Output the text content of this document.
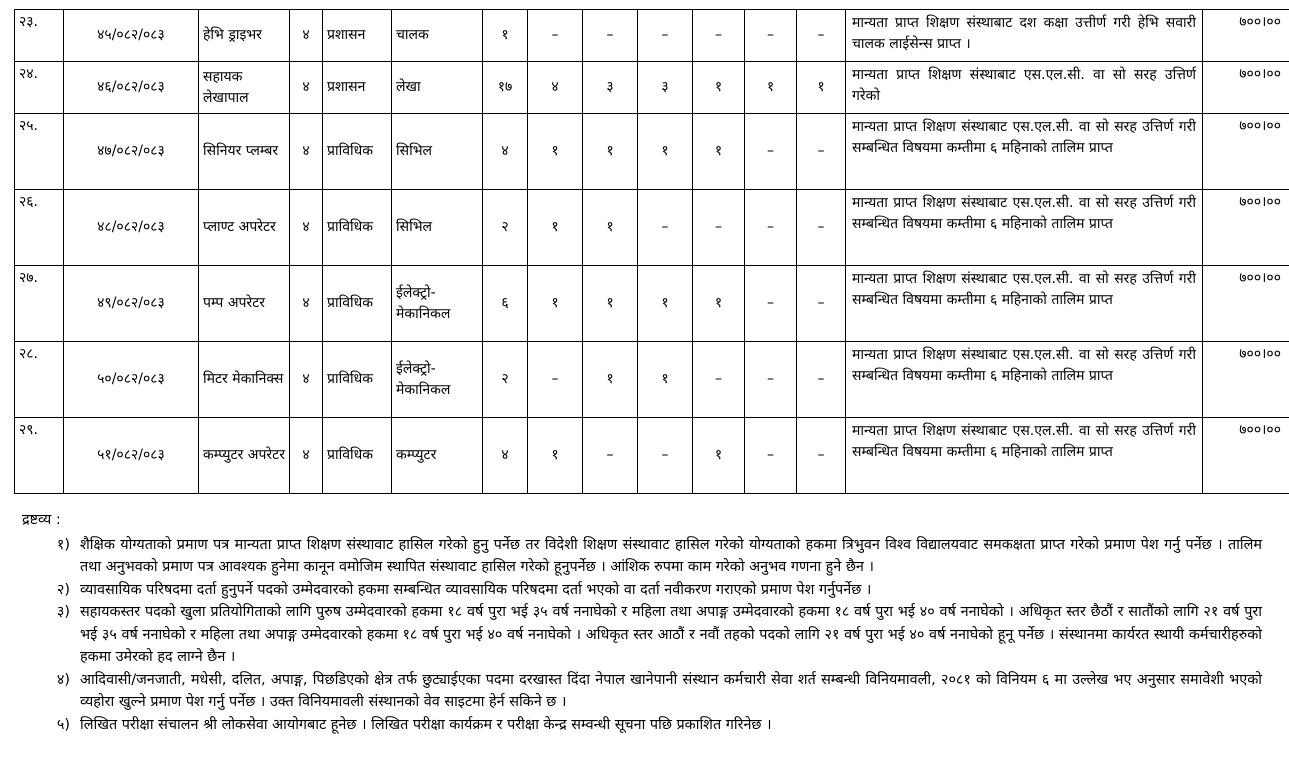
२३.	४५/०८२/०८३	हेभि ड्राइभर	४	प्रशासन	चालक	१	–	–	–	–	–	–	मान्यता प्राप्त शिक्षण संस्थाबाट दश कक्षा उत्तीर्ण गरी हेभि सवारी चालक लाईसेन्स प्राप्त ।	७००।००
२४.	४६/०८२/०८३	सहायक लेखापाल	४	प्रशासन	लेखा	१७	४	३	३	१	१	१	मान्यता प्राप्त शिक्षण संस्थाबाट एस.एल.सी. वा सो सरह उत्तिर्ण गरेको	७००।००
२५.	४७/०८२/०८३	सिनियर प्लम्बर	४	प्राविधिक	सिभिल	४	१	१	१	१	–	–	मान्यता प्राप्त शिक्षण संस्थाबाट एस.एल.सी. वा सो सरह उत्तिर्ण गरी सम्बन्धित विषयमा कम्तीमा ६ महिनाको तालिम प्राप्त	७००।००
२६.	४८/०८२/०८३	प्लाण्ट अपरेटर	४	प्राविधिक	सिभिल	२	१	१	–	–	–	–	मान्यता प्राप्त शिक्षण संस्थाबाट एस.एल.सी. वा सो सरह उत्तिर्ण गरी सम्बन्धित विषयमा कम्तीमा ६ महिनाको तालिम प्राप्त	७००।००
२७.	४९/०८२/०८३	पम्प अपरेटर	४	प्राविधिक	ईलेक्ट्रो-मेकानिकल	६	१	१	१	१	–	–	मान्यता प्राप्त शिक्षण संस्थाबाट एस.एल.सी. वा सो सरह उत्तिर्ण गरी सम्बन्धित विषयमा कम्तीमा ६ महिनाको तालिम प्राप्त	७००।००
२८.	५०/०८२/०८३	मिटर मेकानिक्स	४	प्राविधिक	ईलेक्ट्रो-मेकानिकल	२	–	१	१	–	–	–	मान्यता प्राप्त शिक्षण संस्थाबाट एस.एल.सी. वा सो सरह उत्तिर्ण गरी सम्बन्धित विषयमा कम्तीमा ६ महिनाको तालिम प्राप्त	७००।००
२९.	५१/०८२/०८३	कम्प्युटर अपरेटर	४	प्राविधिक	कम्प्युटर	४	१	–	–	१	–	–	मान्यता प्राप्त शिक्षण संस्थाबाट एस.एल.सी. वा सो सरह उत्तिर्ण गरी सम्बन्धित विषयमा कम्तीमा ६ महिनाको तालिम प्राप्त	७००।००
द्रष्टव्य :
१) शैक्षिक योग्यताको प्रमाण पत्र मान्यता प्राप्त शिक्षण संस्थावाट हासिल गरेको हुनु पर्नेछ तर विदेशी शिक्षण संस्थावाट हासिल गरेको योग्यताको हकमा त्रिभुवन विश्व विद्यालयवाट समकक्षता प्राप्त गरेको प्रमाण पेश गर्नु पर्नेछ । तालिम तथा अनुभवको प्रमाण पत्र आवश्यक हुनेमा कानून वमोजिम स्थापित संस्थावाट हासिल गरेको हूनुपर्नेछ । आंशिक रुपमा काम गरेको अनुभव गणना हुने छैन ।
२) व्यावसायिक परिषदमा दर्ता हुनुपर्ने पदको उम्मेदवारको हकमा सम्बन्धित व्यावसायिक परिषदमा दर्ता भएको वा दर्ता नवीकरण गराएको प्रमाण पेश गर्नुपर्नेछ ।
३) सहायकस्तर पदको खुला प्रतियोगिताको लागि पुरुष उम्मेदवारको हकमा १८ वर्ष पुरा भई ३५ वर्ष ननाघेको र महिला तथा अपाङ्ग उम्मेदवारको हकमा १८ वर्ष पुरा भई ४० वर्ष ननाघेको । अधिकृत स्तर छैठौं र सातौंको लागि २१ वर्ष पुरा भई ३५ वर्ष ननाघेको र महिला तथा अपाङ्ग उम्मेदवारको हकमा १८ वर्ष पुरा भई ४० वर्ष ननाघेको । अधिकृत स्तर आठौं र नवौं तहको पदको लागि २१ वर्ष पुरा भई ४० वर्ष ननाघेको हूनू पर्नेछ । संस्थानमा कार्यरत स्थायी कर्मचारीहरुको हकमा उमेरको हद लाग्ने छैन ।
४) आदिवासी/जनजाती, मधेसी, दलित, अपाङ्ग, पिछडिएको क्षेत्र तर्फ छुट्याईएका पदमा दरखास्त दिंदा नेपाल खानेपानी संस्थान कर्मचारी सेवा शर्त सम्बन्धी विनियमावली, २०८१ को विनियम ६ मा उल्लेख भए अनुसार समावेशी भएको व्यहोरा खुल्ने प्रमाण पेश गर्नु पर्नेछ । उक्त विनियमावली संस्थानको वेव साइटमा हेर्न सकिने छ ।
५) लिखित परीक्षा संचालन श्री लोकसेवा आयोगबाट हूनेछ । लिखित परीक्षा कार्यक्रम र परीक्षा केन्द्र सम्वन्धी सूचना पछि प्रकाशित गरिनेछ ।
